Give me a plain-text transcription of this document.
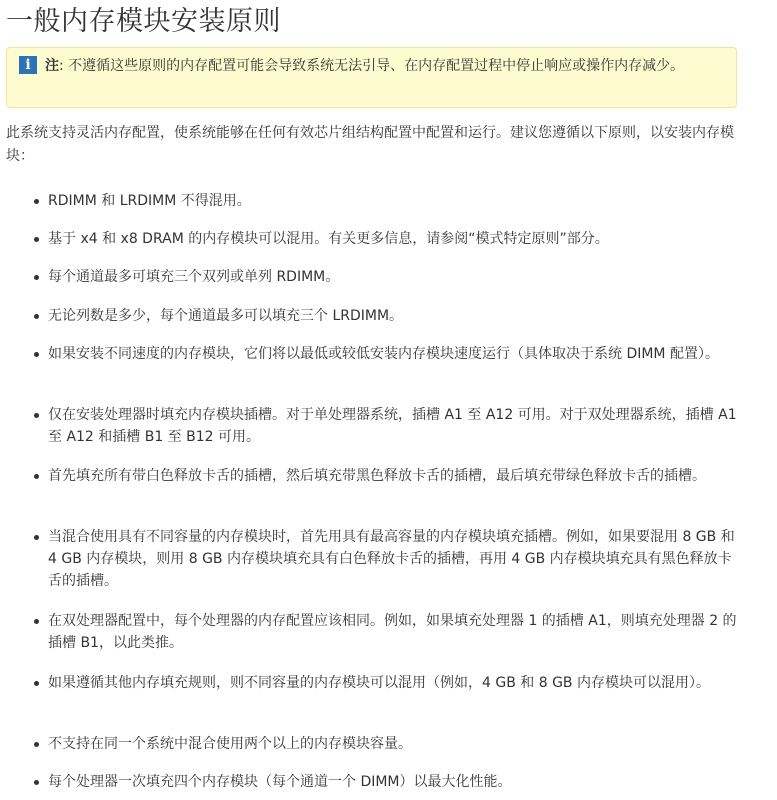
一般内存模块安装原则
i 注: 不遵循这些原则的内存配置可能会导致系统无法引导、在内存配置过程中停止响应或操作内存减少。

此系统支持灵活内存配置，使系统能够在任何有效芯片组结构配置中配置和运行。建议您遵循以下原则，以安装内存模块：

RDIMM 和 LRDIMM 不得混用。
基于 x4 和 x8 DRAM 的内存模块可以混用。有关更多信息，请参阅“模式特定原则”部分。
每个通道最多可填充三个双列或单列 RDIMM。
无论列数是多少，每个通道最多可以填充三个 LRDIMM。
如果安装不同速度的内存模块，它们将以最低或较低安装内存模块速度运行（具体取决于系统 DIMM 配置）。
仅在安装处理器时填充内存模块插槽。对于单处理器系统，插槽 A1 至 A12 可用。对于双处理器系统，插槽 A1 至 A12 和插槽 B1 至 B12 可用。
首先填充所有带白色释放卡舌的插槽，然后填充带黑色释放卡舌的插槽，最后填充带绿色释放卡舌的插槽。
当混合使用具有不同容量的内存模块时，首先用具有最高容量的内存模块填充插槽。例如，如果要混用 8 GB 和 4 GB 内存模块，则用 8 GB 内存模块填充具有白色释放卡舌的插槽，再用 4 GB 内存模块填充具有黑色释放卡舌的插槽。
在双处理器配置中，每个处理器的内存配置应该相同。例如，如果填充处理器 1 的插槽 A1，则填充处理器 2 的插槽 B1，以此类推。
如果遵循其他内存填充规则，则不同容量的内存模块可以混用（例如，4 GB 和 8 GB 内存模块可以混用）。
不支持在同一个系统中混合使用两个以上的内存模块容量。
每个处理器一次填充四个内存模块（每个通道一个 DIMM）以最大化性能。
